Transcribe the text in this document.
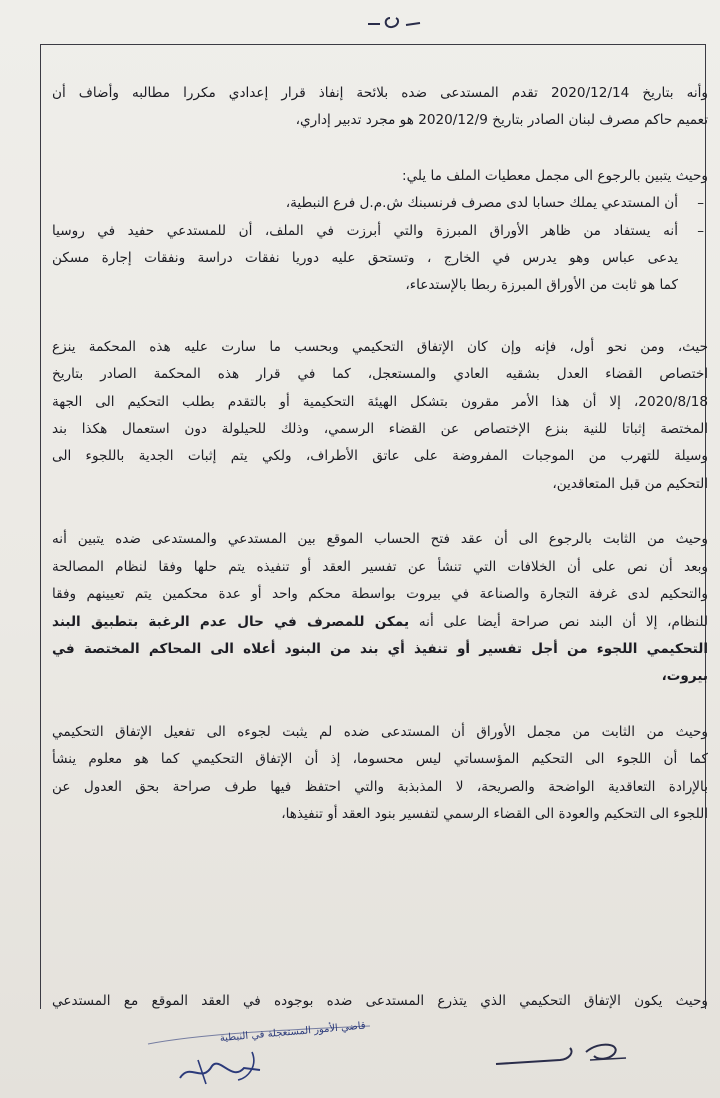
وأنه بتاريخ 2020/12/14 تقدم المستدعى ضده بلائحة إنفاذ قرار إعدادي مكررا مطالبه وأضاف أن
تعميم حاكم مصرف لبنان الصادر بتاريخ 2020/12/9 هو مجرد تدبير إداري،
وحيث يتبين بالرجوع الى مجمل معطيات الملف ما يلي:
–
أن المستدعي يملك حسابا لدى مصرف فرنسبنك ش.م.ل فرع النبطية،
–
أنه يستفاد من ظاهر الأوراق المبرزة والتي أبرزت في الملف، أن للمستدعي حفيد في روسيا
يدعى عباس وهو يدرس في الخارج ، وتستحق عليه دوريا نفقات دراسة ونفقات إجارة مسكن
كما هو ثابت من الأوراق المبرزة ربطا بالإستدعاء،
حيث، ومن نحو أول، فإنه وإن كان الإتفاق التحكيمي وبحسب ما سارت عليه هذه المحكمة ينزع
اختصاص القضاء العدل بشقيه العادي والمستعجل، كما في قرار هذه المحكمة الصادر بتاريخ
2020/8/18، إلا أن هذا الأمر مقرون بتشكل الهيئة التحكيمية أو بالتقدم بطلب التحكيم الى الجهة
المختصة إثباتا للنية بنزع الإختصاص عن القضاء الرسمي، وذلك للحيلولة دون استعمال هكذا بند
وسيلة للتهرب من الموجبات المفروضة على عاتق الأطراف، ولكي يتم إثبات الجدية باللجوء الى
التحكيم من قبل المتعاقدين،
وحيث من الثابت بالرجوع الى أن عقد فتح الحساب الموقع بين المستدعي والمستدعى ضده يتبين أنه
وبعد أن نص على أن الخلافات التي تنشأ عن تفسير العقد أو تنفيذه يتم حلها وفقا لنظام المصالحة
والتحكيم لدى غرفة التجارة والصناعة في بيروت بواسطة محكم واحد أو عدة محكمين يتم تعيينهم وفقا
للنظام، إلا أن البند نص صراحة أيضا على أنه يمكن للمصرف في حال عدم الرغبة بتطبيق البند
التحكيمي اللجوء من أجل تفسير أو تنفيذ أي بند من البنود أعلاه الى المحاكم المختصة في
بيروت،
وحيث من الثابت من مجمل الأوراق أن المستدعى ضده لم يثبت لجوءه الى تفعيل الإتفاق التحكيمي
كما أن اللجوء الى التحكيم المؤسساتي ليس محسوما، إذ أن الإتفاق التحكيمي كما هو معلوم ينشأ
بالإرادة التعاقدية الواضحة والصريحة، لا المذبذبة والتي احتفظ فيها طرف صراحة بحق العدول عن
اللجوء الى التحكيم والعودة الى القضاء الرسمي لتفسير بنود العقد أو تنفيذها،
وحيث يكون الإتفاق التحكيمي الذي يتذرع المستدعى ضده بوجوده في العقد الموقع مع المستدعي
قاضي الأمور المستعجلة في النبطية
